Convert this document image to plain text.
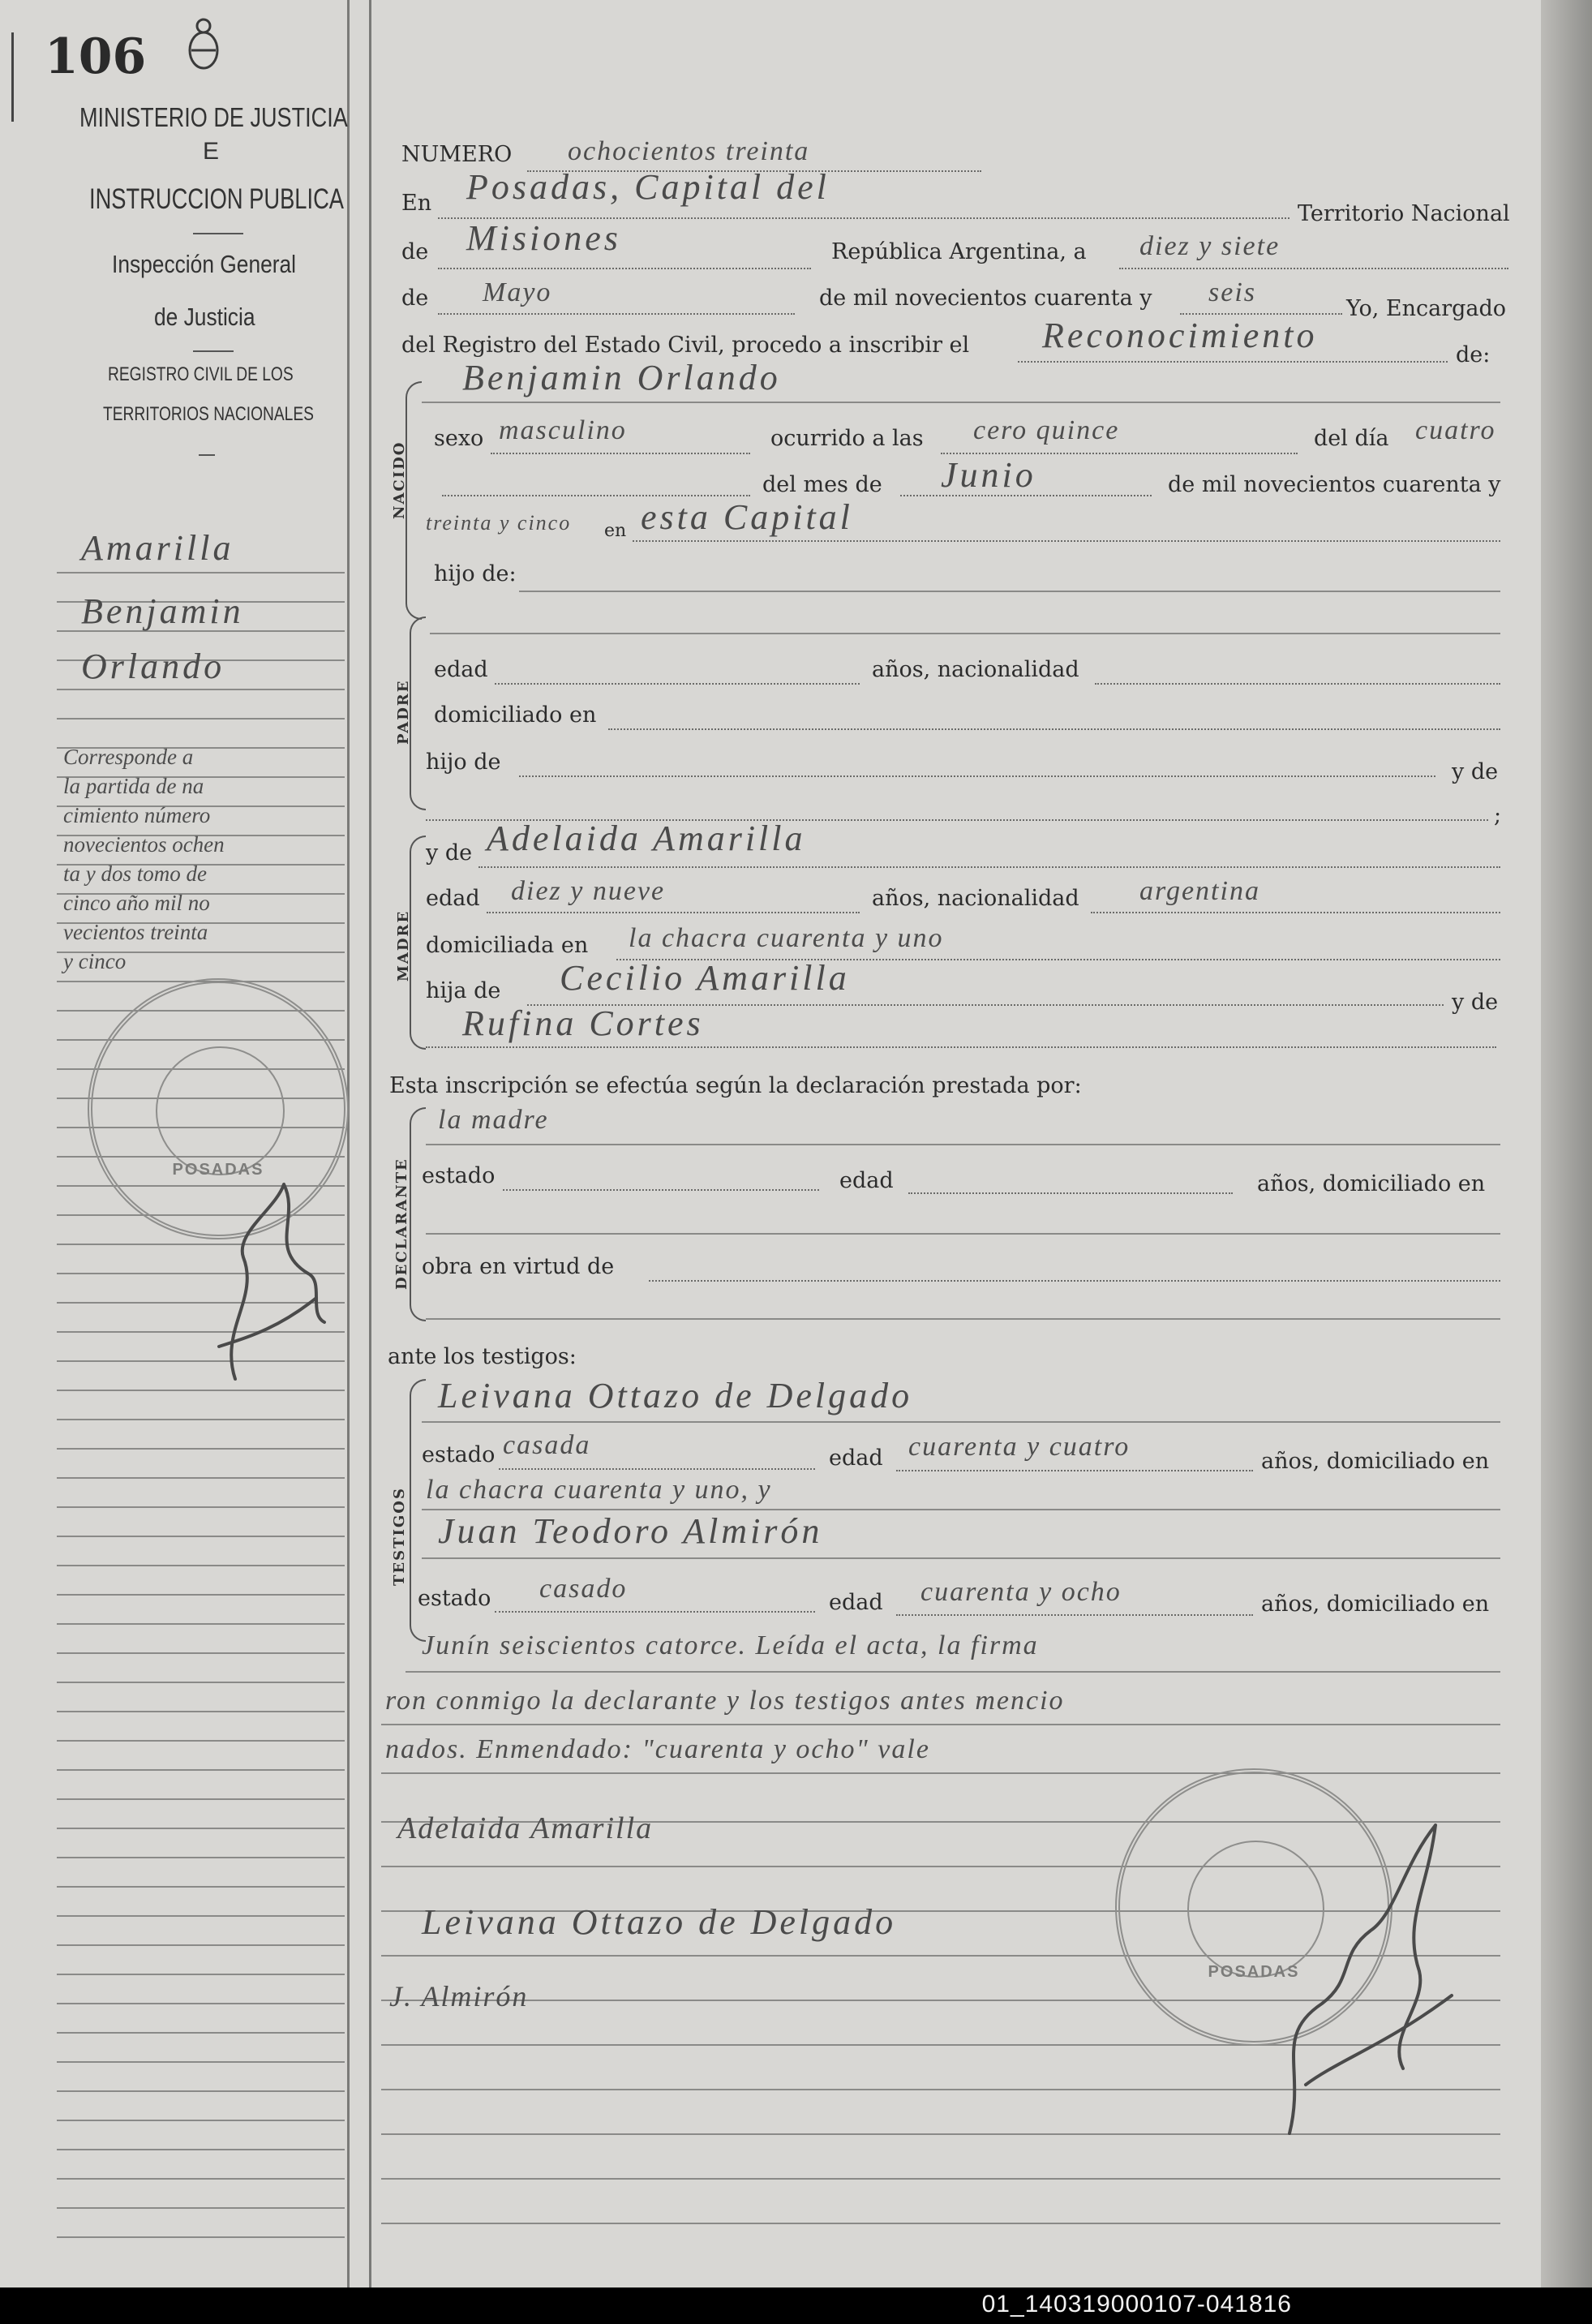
106
MINISTERIO DE JUSTICIA
E
INSTRUCCION PUBLICA
Inspección General
de Justicia
REGISTRO CIVIL DE LOS
TERRITORIOS NACIONALES
Amarilla
Benjamin
Orlando
Corresponde a
la partida de na
cimiento número
novecientos ochen
ta y dos tomo de
cinco año mil no
vecientos treinta
y cinco
POSADAS
NUMERO ochocientos treinta
En Posadas, Capital del
Territorio Nacional
de Misiones	República Argentina, a diez y siete
de Mayo	de mil novecientos cuarenta y seis
Yo, Encargado
del Registro del Estado Civil, procedo a inscribir el Reconocimiento	de:
Benjamin Orlando
NACIDO
sexo masculino	ocurrido a las cero quince	del día cuatro
del mes de Junio	de mil novecientos cuarenta y
treinta y cinco en esta Capital
hijo de:
PADRE
edad	años, nacionalidad
domiciliado en
hijo de	y de
;
MADRE
y de Adelaida Amarilla
edad diez y nueve	años, nacionalidad argentina
domiciliada en la chacra cuarenta y uno
hija de Cecilio Amarilla
y de
Rufina Cortes
Esta inscripción se efectúa según la declaración prestada por:
DECLARANTE
la madre
estado	edad	años, domiciliado en
obra en virtud de
ante los testigos:
TESTIGOS
Leivana Ottazo de Delgado
estado casada	edad cuarenta y cuatro	años, domiciliado en
la chacra cuarenta y uno, y
Juan Teodoro Almirón
estado casado	edad cuarenta y ocho	años, domiciliado en
Junín seiscientos catorce. Leída el acta, la firma
ron conmigo la declarante y los testigos antes mencio
nados. Enmendado: "cuarenta y ocho" vale
Adelaida Amarilla
Leivana Ottazo de Delgado
J. Almirón
POSADAS
01_140319000107-041816
